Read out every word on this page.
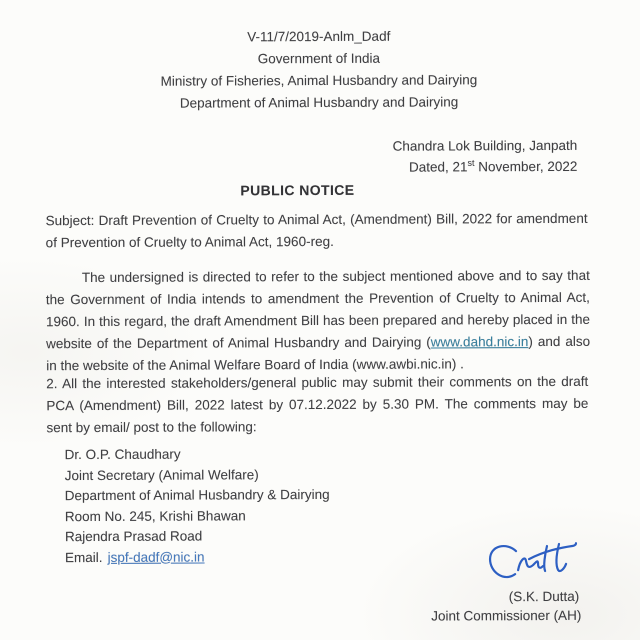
V-11/7/2019-Anlm_Dadf
Government of India
Ministry of Fisheries, Animal Husbandry and Dairying
Department of Animal Husbandry and Dairying
Chandra Lok Building, Janpath
Dated, 21st November, 2022
PUBLIC NOTICE
Subject: Draft Prevention of Cruelty to Animal Act, (Amendment) Bill, 2022 for amendment of Prevention of Cruelty to Animal Act, 1960-reg.
The undersigned is directed to refer to the subject mentioned above and to say that the Government of India intends to amendment the Prevention of Cruelty to Animal Act, 1960. In this regard, the draft Amendment Bill has been prepared and hereby placed in the website of the Department of Animal Husbandry and Dairying (www.dahd.nic.in) and also in the website of the Animal Welfare Board of India (www.awbi.nic.in) .
2. All the interested stakeholders/general public may submit their comments on the draft PCA (Amendment) Bill, 2022 latest by 07.12.2022 by 5.30 PM. The comments may be sent by email/ post to the following:
Dr. O.P. Chaudhary
Joint Secretary (Animal Welfare)
Department of Animal Husbandry & Dairying
Room No. 245, Krishi Bhawan
Rajendra Prasad Road
Email. jspf-dadf@nic.in
(S.K. Dutta)
Joint Commissioner (AH)
